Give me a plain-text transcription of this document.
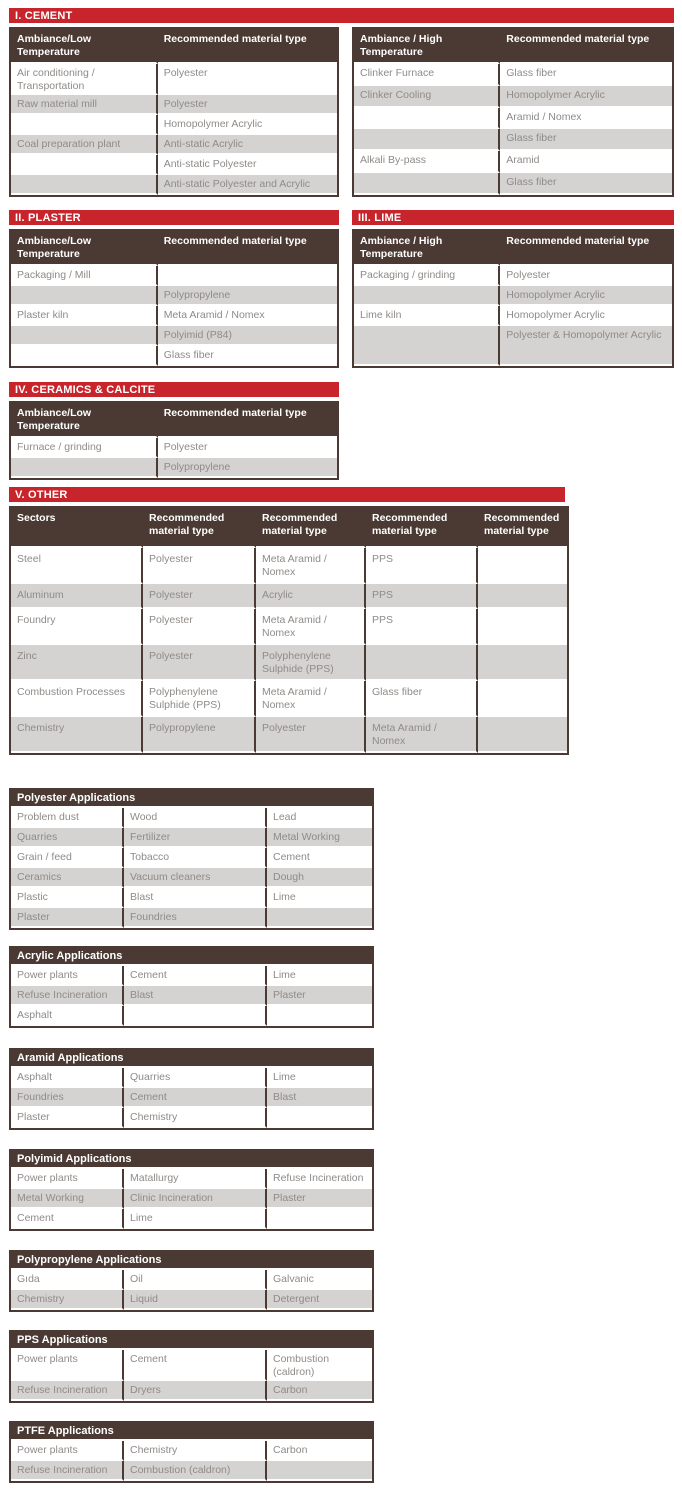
I. CEMENT
Ambiance/Low Temperature	Recommended material type
Air conditioning / Transportation	Polyester
Raw material mill	Polyester
	Homopolymer Acrylic
Coal preparation plant	Anti-static Acrylic
	Anti-static Polyester
	Anti-static Polyester and Acrylic
Ambiance / High Temperature	Recommended material type
Clinker Furnace	Glass fiber
Clinker Cooling	Homopolymer Acrylic
	Aramid / Nomex
	Glass fiber
Alkali By-pass	Aramid
	Glass fiber
II. PLASTER
Ambiance/Low Temperature	Recommended material type
Packaging / Mill	
	Polypropylene
Plaster kiln	Meta Aramid / Nomex
	Polyimid (P84)
	Glass fiber
III. LIME
Ambiance / High Temperature	Recommended material type
Packaging / grinding	Polyester
	Homopolymer Acrylic
Lime kiln	Homopolymer Acrylic
	Polyester & Homopolymer Acrylic
IV. CERAMICS & CALCITE
Ambiance/Low Temperature	Recommended material type
Furnace / grinding	Polyester
	Polypropylene
V. OTHER
Sectors	Recommended material type	Recommended material type	Recommended material type	Recommended material type
Steel	Polyester	Meta Aramid / Nomex	PPS	
Aluminum	Polyester	Acrylic	PPS	
Foundry	Polyester	Meta Aramid / Nomex	PPS	
Zinc	Polyester	Polyphenylene Sulphide (PPS)		
Combustion Processes	Polyphenylene Sulphide (PPS)	Meta Aramid / Nomex	Glass fiber	
Chemistry	Polypropylene	Polyester	Meta Aramid / Nomex	
Polyester Applications		
Problem dust	Wood	Lead
Quarries	Fertilizer	Metal Working
Grain / feed	Tobacco	Cement
Ceramics	Vacuum cleaners	Dough
Plastic	Blast	Lime
Plaster	Foundries	
Acrylic Applications		
Power plants	Cement	Lime
Refuse Incineration	Blast	Plaster
Asphalt		
Aramid Applications		
Asphalt	Quarries	Lime
Foundries	Cement	Blast
Plaster	Chemistry	
Polyimid Applications		
Power plants	Matallurgy	Refuse Incineration
Metal Working	Clinic Incineration	Plaster
Cement	Lime	
Polypropylene Applications		
Gıda	Oil	Galvanic
Chemistry	Liquid	Detergent
PPS Applications		
Power plants	Cement	Combustion (caldron)
Refuse Incineration	Dryers	Carbon
PTFE Applications		
Power plants	Chemistry	Carbon
Refuse Incineration	Combustion (caldron)	
